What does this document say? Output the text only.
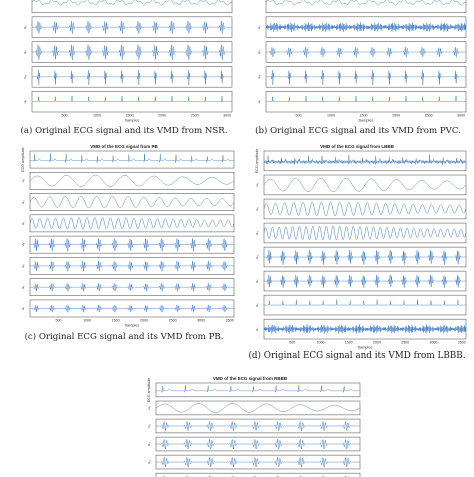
u₂
u₃
u₄
u₅
500	1000	1500	2000	2500	3000
Samples
(a) Original ECG signal and its VMD from NSR.
u₂
u₃
u₄
u₅
500	1000	1500	2000	2500	3000
Samples
(b) Original ECG signal and its VMD from PVC.
VMD of the ECG signal from PB
ECG amplitude
u₁
u₂
u₃
u₄
u₅
u₆
u₇
500	1000	1500	2000	2500	3000	3500
Samples
(c) Original ECG signal and its VMD from PB.
VMD of the ECG signal from LBBB
ECG amplitude
u₁
u₂
u₃
u₄
u₅
u₆
u₇
500	1000	1500	2000	2500	3000	3500
Samples
(d) Original ECG signal and its VMD from LBBB.
VMD of the ECG signal from RBBB
ECG amplitude
u₁
u₂
u₃
u₄
